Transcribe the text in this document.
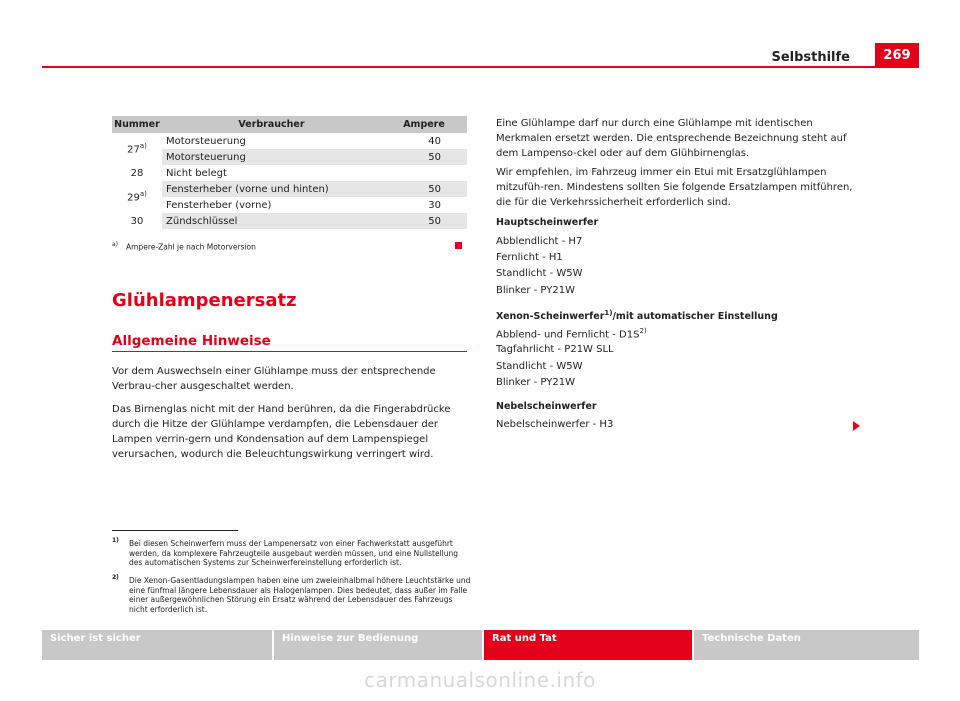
Selbsthilfe	269
Nummer	Verbraucher	Ampere
27$^{a)}$	Motorsteuerung	40
	Motorsteuerung	50
28	Nicht belegt	
29$^{a)}$	Fensterheber (vorne und hinten)	50
	Fensterheber (vorne)	30
30	Zündschlüssel	50
$^{a)}$ Ampere-Zahl je nach Motorversion
Glühlampenersatz
Allgemeine Hinweise

Vor dem Auswechseln einer Glühlampe muss der entsprechende Verbrau-cher ausgeschaltet werden.

Das Birnenglas nicht mit der Hand berühren, da die Fingerabdrücke durch die Hitze der Glühlampe verdampfen, die Lebensdauer der Lampen verrin-gern und Kondensation auf dem Lampenspiegel verursachen, wodurch die Beleuchtungswirkung verringert wird.

Eine Glühlampe darf nur durch eine Glühlampe mit identischen Merkmalen ersetzt werden. Die entsprechende Bezeichnung steht auf dem Lampenso-ckel oder auf dem Glühbirnenglas.

Wir empfehlen, im Fahrzeug immer ein Etui mit Ersatzglühlampen mitzufüh-ren. Mindestens sollten Sie folgende Ersatzlampen mitführen, die für die Verkehrssicherheit erforderlich sind.

Hauptscheinwerfer
Abblendlicht - H7
Fernlicht - H1
Standlicht - W5W
Blinker - PY21W
Xenon-Scheinwerfer$^{1)}$/mit automatischer Einstellung
Abblend- und Fernlicht - $D1S^{2)}$
Tagfahrlicht - P21W SLL
Standlicht - W5W
Blinker - PY21W
Nebelscheinwerfer
Nebelscheinwerfer - H3
1) Bei diesen Scheinwerfern muss der Lampenersatz von einer Fachwerkstatt ausgeführt werden, da komplexere Fahrzeugteile ausgebaut werden müssen, und eine Nullstellung des automatischen Systems zur Scheinwerfereinstellung erforderlich ist.
2) Die Xenon-Gasentladungslampen haben eine um zweieinhalbmal höhere Leuchtstärke und eine fünfmal längere Lebensdauer als Halogenlampen. Dies bedeutet, dass außer im Falle einer außergewöhnlichen Störung ein Ersatz während der Lebensdauer des Fahrzeugs nicht erforderlich ist.
Sicher ist sicher	Hinweise zur Bedienung	Rat und Tat	Technische Daten
carmanualsonline.info
